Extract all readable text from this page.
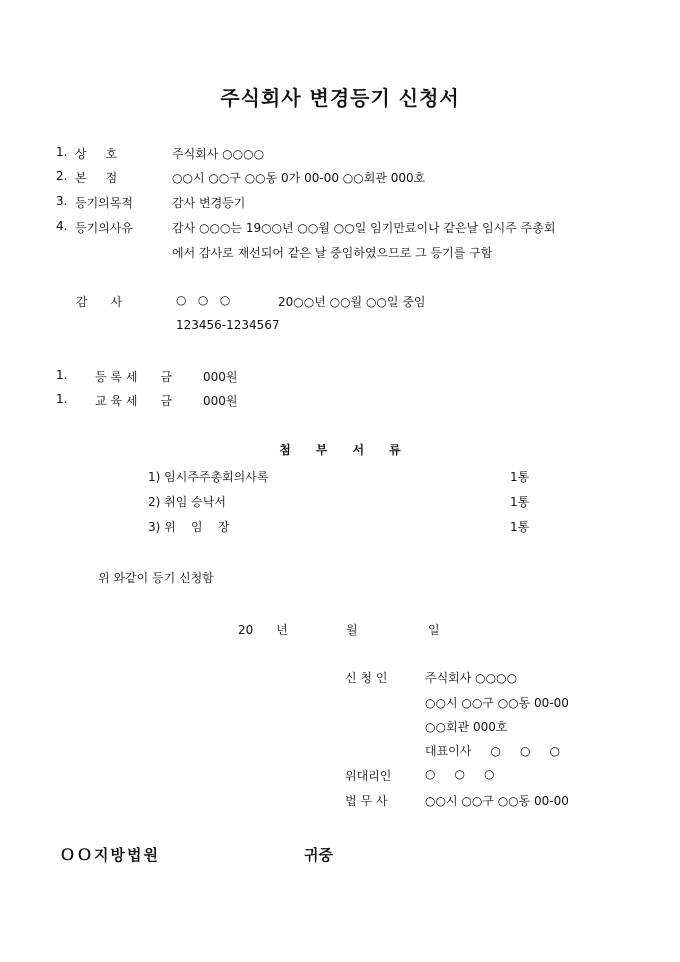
주식회사 변경등기 신청서
1. 상     호	주식회사 ○○○○
2. 본     점	○○시 ○○구 ○○동 0가 00-00 ○○회관 000호
3. 등기의목적	감사 변경등기
4. 등기의사유	감사 ○○○는 19○○년 ○○월 ○○일 임기만료이나 같은날 임시주 주총회
에서 감사로 재선되어 같은 날 중임하였으므로 그 등기를 구함
감      사	○   ○   ○	20○○년 ○○월 ○○일 중임
123456-1234567
1. 등 록 세      금	000원
1. 교 육 세      금	000원
첨      부      서      류
1) 임시주주총회의사록	1통
2) 취임 승낙서	1통
3) 위    임    장	1통
위 와같이 등기 신청함
20      년	월	일
신 청 인	주식회사 ○○○○
○○시 ○○구 ○○동 00-00
○○회관 000호
대표이사     ○     ○     ○
위대리인	○     ○     ○
법 무 사	○○시 ○○구 ○○동 00-00
ＯＯ지방법원	귀중
